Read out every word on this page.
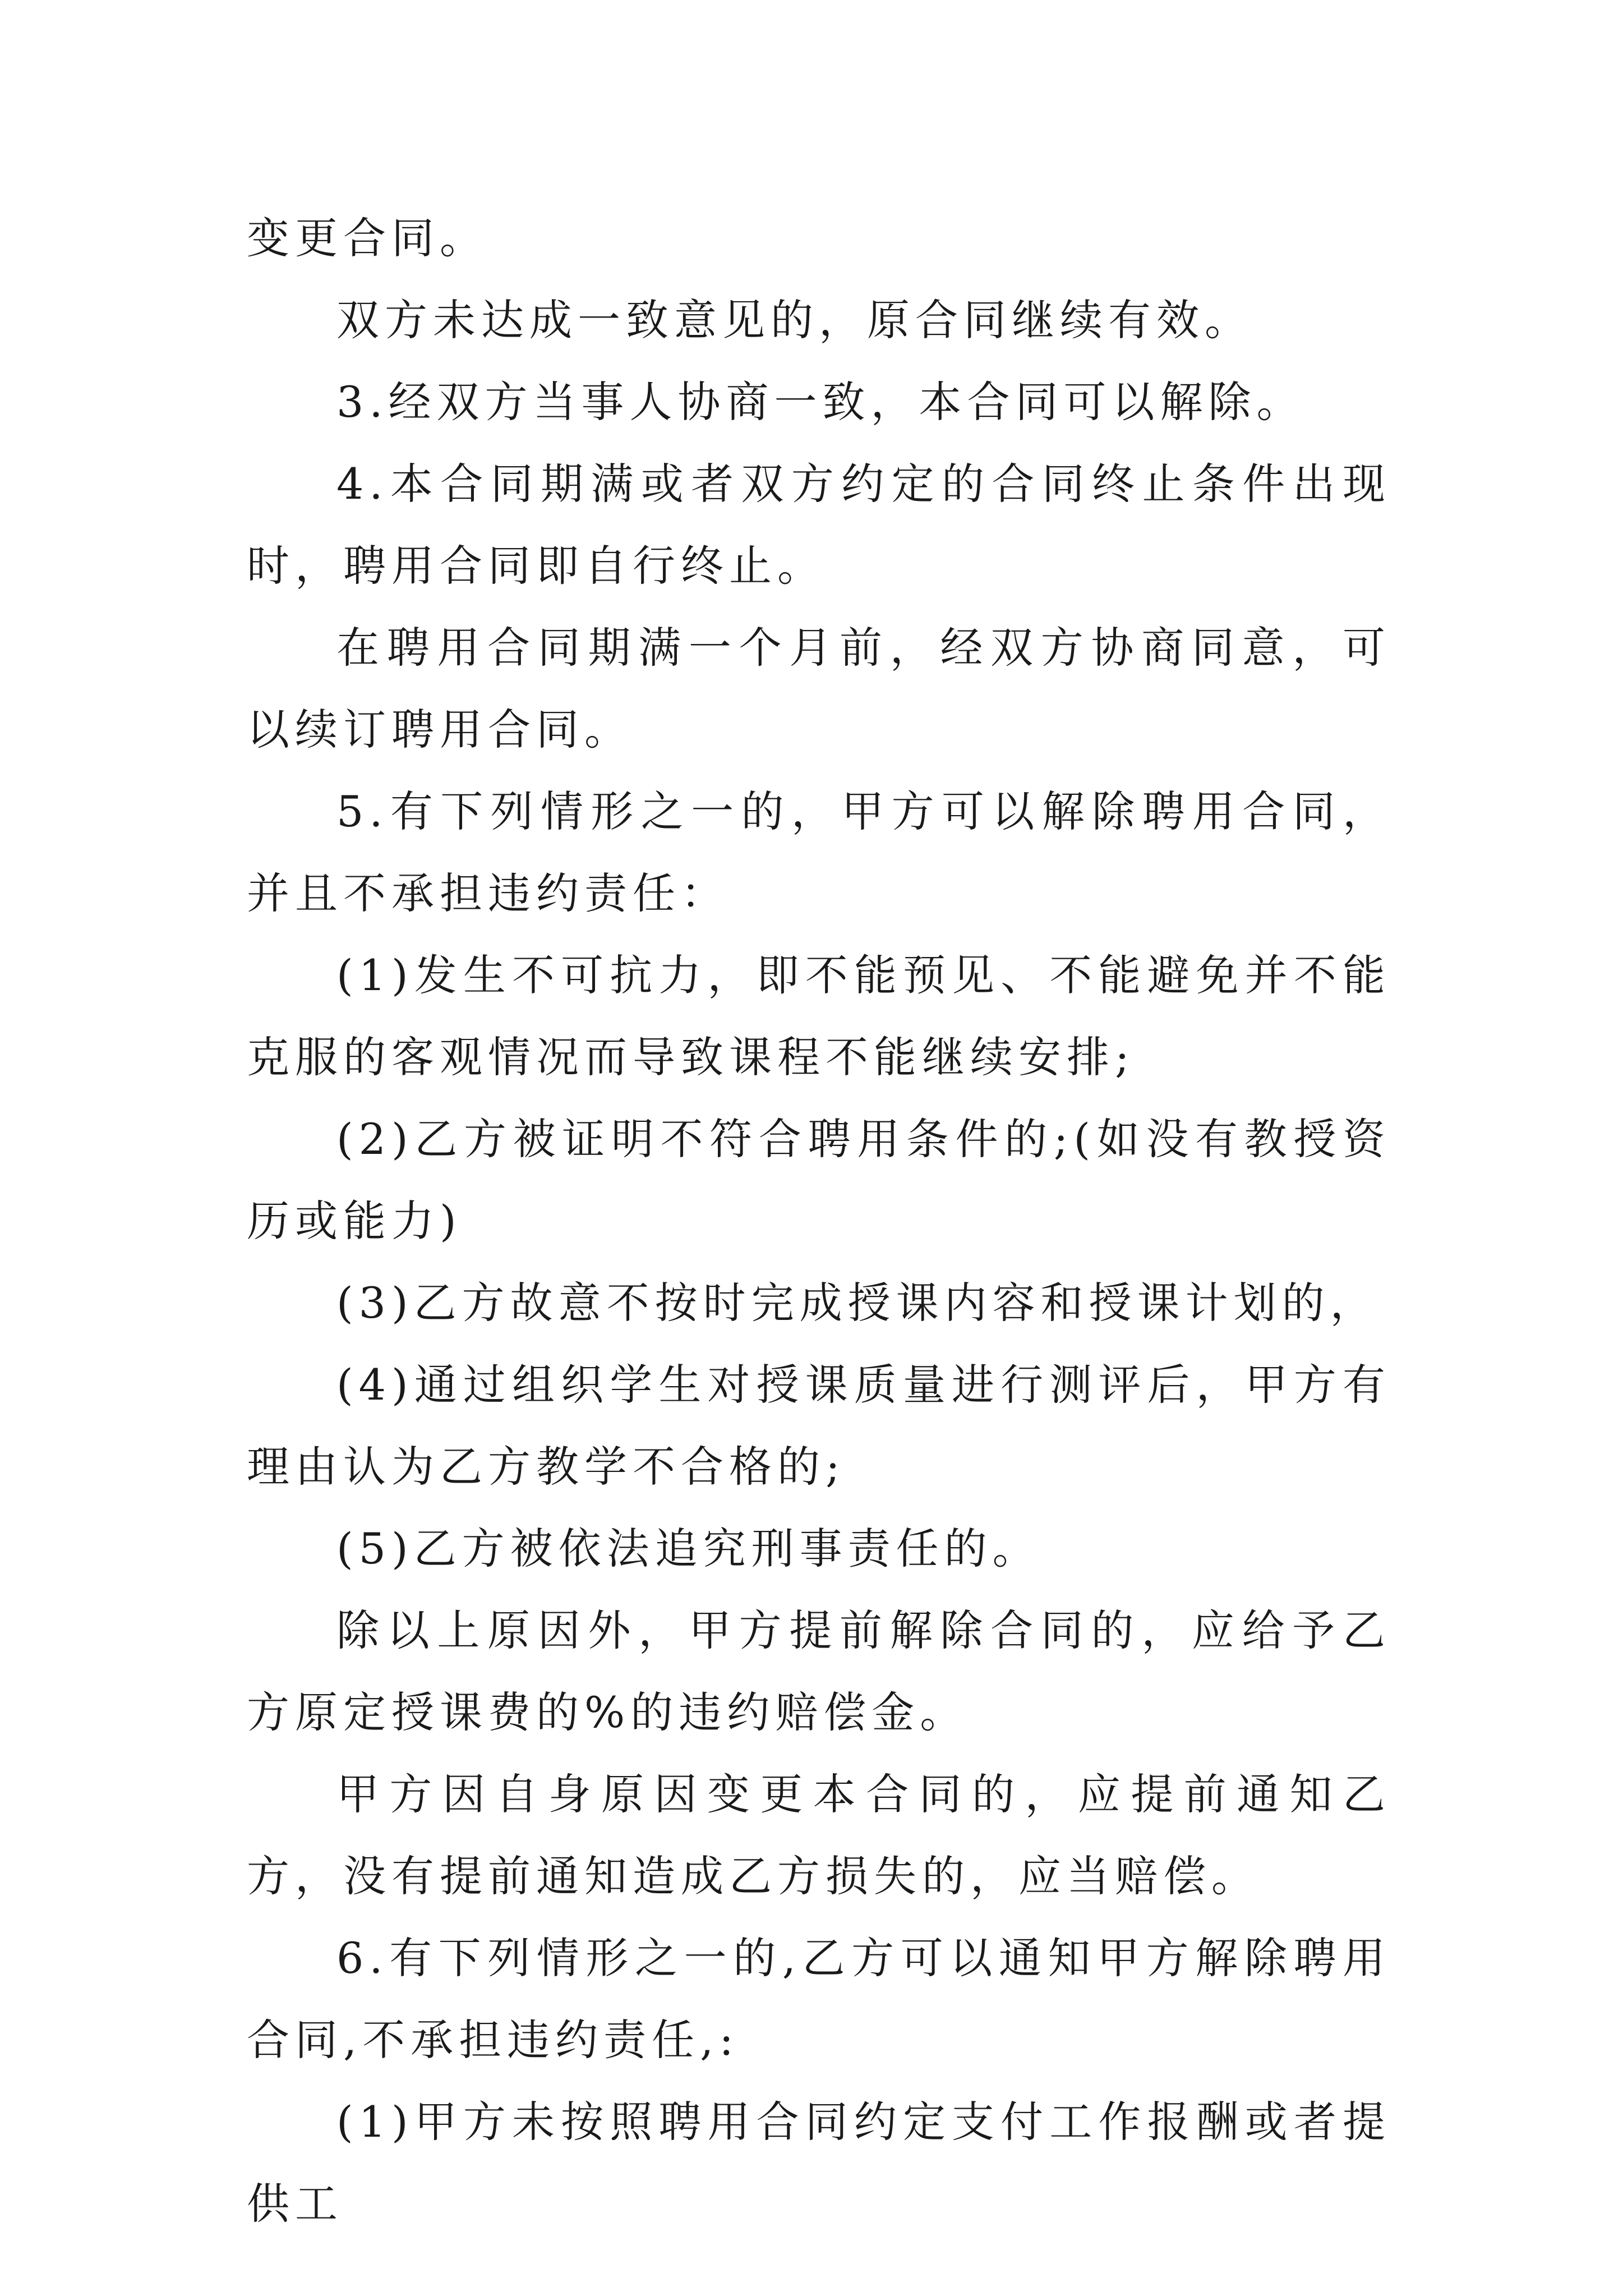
变更合同。

双方未达成一致意见的，原合同继续有效。

3.经双方当事人协商一致，本合同可以解除。

4.本合同期满或者双方约定的合同终止条件出现时，聘用合同即自行终止。

在聘用合同期满一个月前，经双方协商同意，可以续订聘用合同。

5.有下列情形之一的，甲方可以解除聘用合同，并且不承担违约责任：

(1)发生不可抗力，即不能预见、不能避免并不能克服的客观情况而导致课程不能继续安排;

(2)乙方被证明不符合聘用条件的;(如没有教授资历或能力)

(3)乙方故意不按时完成授课内容和授课计划的，

(4)通过组织学生对授课质量进行测评后，甲方有理由认为乙方教学不合格的;

(5)乙方被依法追究刑事责任的。

除以上原因外，甲方提前解除合同的，应给予乙方原定授课费的%的违约赔偿金。

甲方因自身原因变更本合同的，应提前通知乙方，没有提前通知造成乙方损失的，应当赔偿。

6.有下列情形之一的,乙方可以通知甲方解除聘用合同,不承担违约责任,:

(1)甲方未按照聘用合同约定支付工作报酬或者提供工
